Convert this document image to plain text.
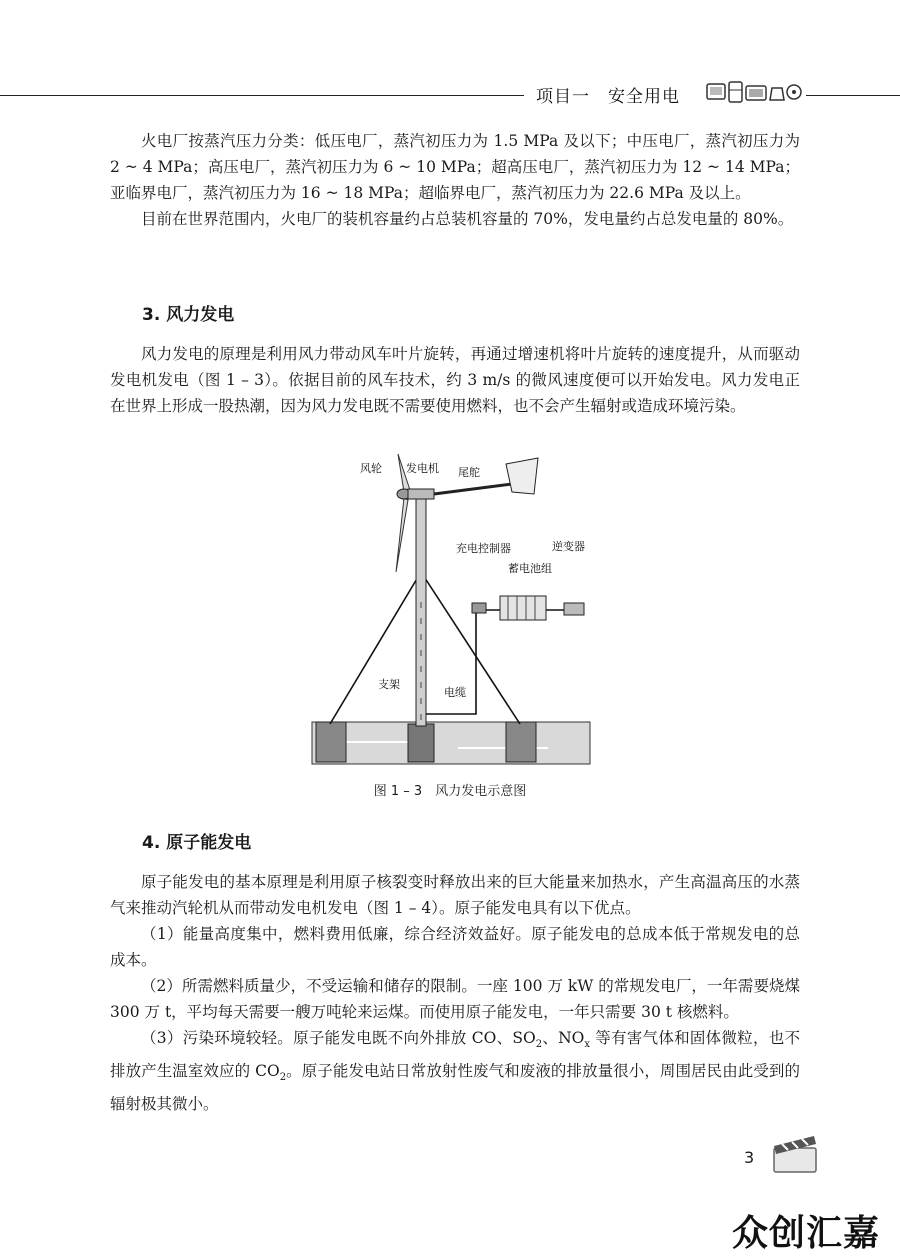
项目一　安全用电

火电厂按蒸汽压力分类：低压电厂，蒸汽初压力为 1.5 MPa 及以下；中压电厂，蒸汽初压力为 2 ~ 4 MPa；高压电厂，蒸汽初压力为 6 ~ 10 MPa；超高压电厂，蒸汽初压力为 12 ~ 14 MPa；亚临界电厂，蒸汽初压力为 16 ~ 18 MPa；超临界电厂，蒸汽初压力为 22.6 MPa 及以上。

目前在世界范围内，火电厂的装机容量约占总装机容量的 70%，发电量约占总发电量的 80%。

3. 风力发电

风力发电的原理是利用风力带动风车叶片旋转，再通过增速机将叶片旋转的速度提升，从而驱动发电机发电（图 1 – 3）。依据目前的风车技术，约 3 m/s 的微风速度便可以开始发电。风力发电正在世界上形成一股热潮，因为风力发电既不需要使用燃料，也不会产生辐射或造成环境污染。

风轮 发电机 尾舵
充电控制器	逆变器
蓄电池组
支架
电缆
图 1 – 3　风力发电示意图
4. 原子能发电

原子能发电的基本原理是利用原子核裂变时释放出来的巨大能量来加热水，产生高温高压的水蒸气来推动汽轮机从而带动发电机发电（图 1 – 4）。原子能发电具有以下优点。

（1）能量高度集中，燃料费用低廉，综合经济效益好。原子能发电的总成本低于常规发电的总成本。

（2）所需燃料质量少，不受运输和储存的限制。一座 100 万 kW 的常规发电厂，一年需要烧煤 300 万 t，平均每天需要一艘万吨轮来运煤。而使用原子能发电，一年只需要 30 t 核燃料。

（3）污染环境较轻。原子能发电既不向外排放 CO、$SO_2$、$NO_x$ 等有害气体和固体微粒，也不排放产生温室效应的 $CO_2$。原子能发电站日常放射性废气和废液的排放量很小，周围居民由此受到的辐射极其微小。

3
众创汇嘉
